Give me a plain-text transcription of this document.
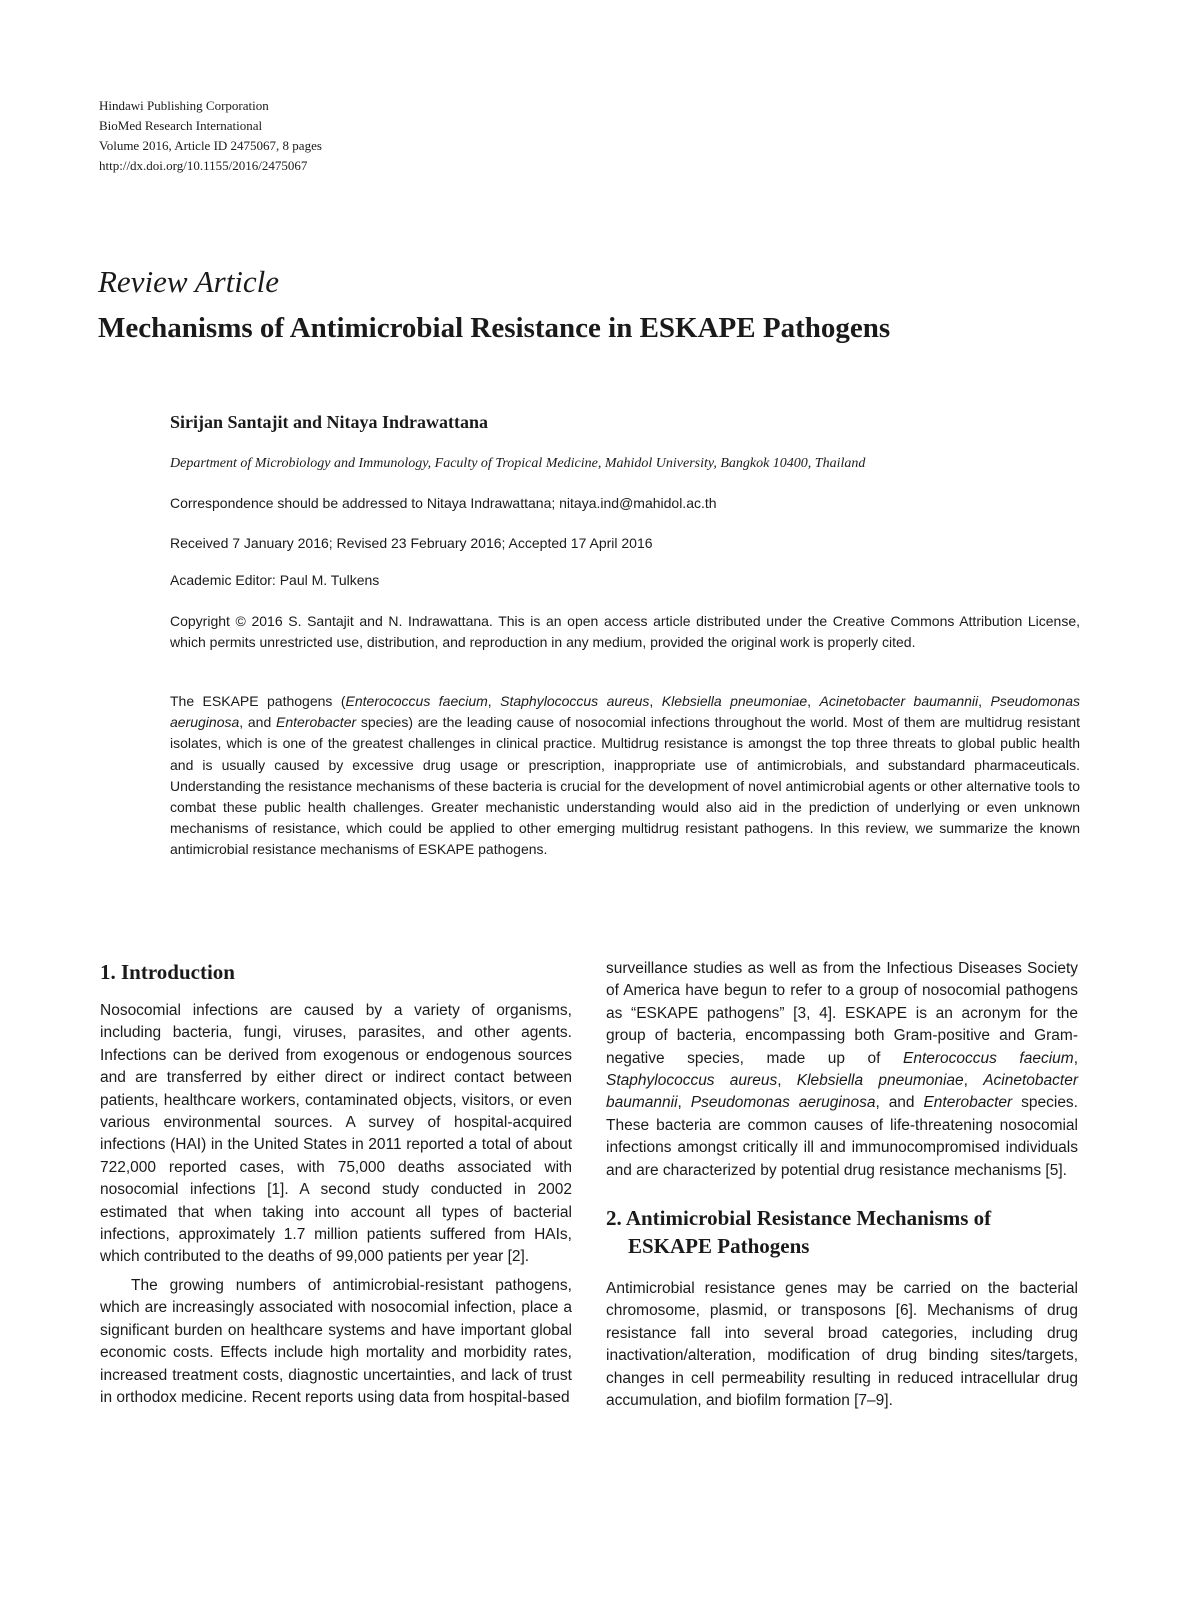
Hindawi Publishing Corporation
BioMed Research International
Volume 2016, Article ID 2475067, 8 pages
http://dx.doi.org/10.1155/2016/2475067
Review Article
Mechanisms of Antimicrobial Resistance in ESKAPE Pathogens
Sirijan Santajit and Nitaya Indrawattana
Department of Microbiology and Immunology, Faculty of Tropical Medicine, Mahidol University, Bangkok 10400, Thailand
Correspondence should be addressed to Nitaya Indrawattana; nitaya.ind@mahidol.ac.th
Received 7 January 2016; Revised 23 February 2016; Accepted 17 April 2016
Academic Editor: Paul M. Tulkens
Copyright © 2016 S. Santajit and N. Indrawattana. This is an open access article distributed under the Creative Commons Attribution License, which permits unrestricted use, distribution, and reproduction in any medium, provided the original work is properly cited.
The ESKAPE pathogens (Enterococcus faecium, Staphylococcus aureus, Klebsiella pneumoniae, Acinetobacter baumannii, Pseudomonas aeruginosa, and Enterobacter species) are the leading cause of nosocomial infections throughout the world. Most of them are multidrug resistant isolates, which is one of the greatest challenges in clinical practice. Multidrug resistance is amongst the top three threats to global public health and is usually caused by excessive drug usage or prescription, inappropriate use of antimicrobials, and substandard pharmaceuticals. Understanding the resistance mechanisms of these bacteria is crucial for the development of novel antimicrobial agents or other alternative tools to combat these public health challenges. Greater mechanistic understanding would also aid in the prediction of underlying or even unknown mechanisms of resistance, which could be applied to other emerging multidrug resistant pathogens. In this review, we summarize the known antimicrobial resistance mechanisms of ESKAPE pathogens.
1. Introduction

Nosocomial infections are caused by a variety of organisms, including bacteria, fungi, viruses, parasites, and other agents. Infections can be derived from exogenous or endogenous sources and are transferred by either direct or indirect contact between patients, healthcare workers, contaminated objects, visitors, or even various environmental sources. A survey of hospital-acquired infections (HAI) in the United States in 2011 reported a total of about 722,000 reported cases, with 75,000 deaths associated with nosocomial infections [1]. A second study conducted in 2002 estimated that when taking into account all types of bacterial infections, approximately 1.7 million patients suffered from HAIs, which contributed to the deaths of 99,000 patients per year [2].

The growing numbers of antimicrobial-resistant pathogens, which are increasingly associated with nosocomial infection, place a significant burden on healthcare systems and have important global economic costs. Effects include high mortality and morbidity rates, increased treatment costs, diagnostic uncertainties, and lack of trust in orthodox medicine. Recent reports using data from hospital-based

surveillance studies as well as from the Infectious Diseases Society of America have begun to refer to a group of nosocomial pathogens as “ESKAPE pathogens” [3, 4]. ESKAPE is an acronym for the group of bacteria, encompassing both Gram-positive and Gram-negative species, made up of Enterococcus faecium, Staphylococcus aureus, Klebsiella pneumoniae, Acinetobacter baumannii, Pseudomonas aeruginosa, and Enterobacter species. These bacteria are common causes of life-threatening nosocomial infections amongst critically ill and immunocompromised individuals and are characterized by potential drug resistance mechanisms [5].

2. Antimicrobial Resistance Mechanisms of
ESKAPE Pathogens

Antimicrobial resistance genes may be carried on the bacterial chromosome, plasmid, or transposons [6]. Mechanisms of drug resistance fall into several broad categories, including drug inactivation/alteration, modification of drug binding sites/targets, changes in cell permeability resulting in reduced intracellular drug accumulation, and biofilm formation [7–9].
